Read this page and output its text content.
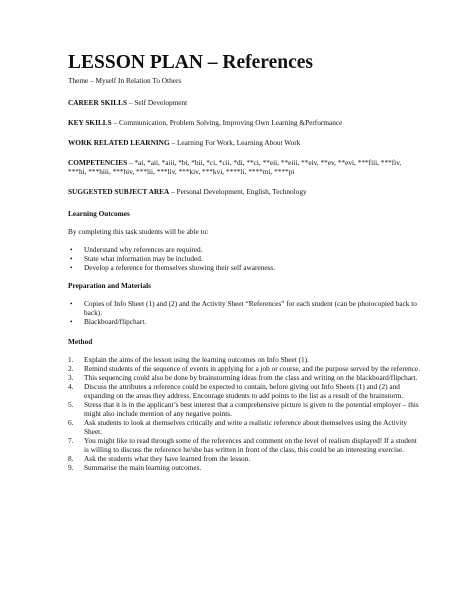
LESSON PLAN – References

Theme – Myself In Relation To Others

CAREER SKILLS – Self Development

KEY SKILLS – Communication, Problem Solving, Improving Own Learning &Performance

WORK RELATED LEARNING – Learning For Work, Learning About Work

COMPETENCIES – *ai, *aii, *aiii, *bi, *bii, *ci, *cii, *di, **ci, **eii, **eiii, **eiv, **ev, **evi, ***fiii, ***fiv, ***hi, ***hiii, ***hiv, ***lii, ***liv, ***kiv, ***kvi, ****li, ****mi, ****pi

SUGGESTED SUBJECT AREA – Personal Development, English, Technology

Learning Outcomes

By completing this task students will be able to:

• Understand why references are required.
• State what information may be included.
• Develop a reference for themselves showing their self awareness.

Preparation and Materials

• Copies of Info Sheet (1) and (2) and the Activity Sheet “References” for each student (can be photocopied back to back).
• Blackboard/flipchart.

Method

1. Explain the aims of the lesson using the learning outcomes on Info Sheet (1).
2. Remind students of the sequence of events in applying for a job or course, and the purpose served by the reference.
3. This sequencing could also be done by brainstorming ideas from the class and writing on the blackboard/flipchart.
4. Discuss the attributes a reference could be expected to contain, before giving out Info Sheets (1) and (2) and expanding on the areas they address. Encourage students to add points to the list as a result of the brainstorm.
5. Stress that it is in the applicant’s best interest that a comprehensive picture is given to the potential employer – this might also include mention of any negative points.
6. Ask students to look at themselves critically and write a realistic reference about themselves using the Activity Sheet.
7. You might like to read through some of the references and comment on the level of realism displayed! If a student is willing to discuss the reference he/she has written in front of the class, this could be an interesting exercise.
8. Ask the students what they have learned from the lesson.
9. Summarise the main learning outcomes.
